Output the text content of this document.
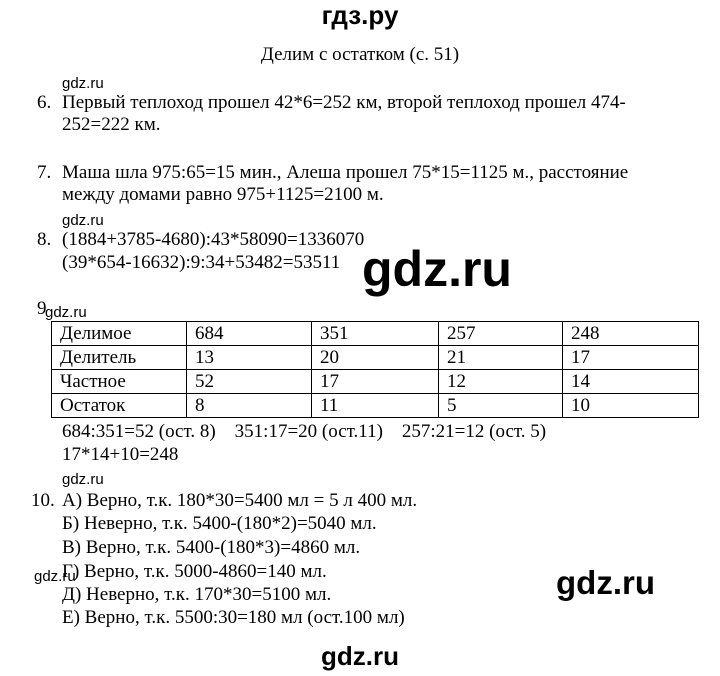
гдз.ру
Делим с остатком (с. 51)
gdz.ru
gdz.ru
gdz.ru
gdz.ru
gdz.ru
6. Первый теплоход прошел 42*6=252 км, второй теплоход прошел 474-
252=222 км.
7. Маша шла 975:65=15 мин., Алеша прошел 75*15=1125 м., расстояние
между домами равно 975+1125=2100 м.
8. (1884+3785-4680):43*58090=1336070
(39*654-16632):9:34+53482=53511 gdz.ru
gdz.ru
gdz.ru
9
Делимое	684	351	257	248
Делитель	13	20	21	17
Частное	52	17	12	14
Остаток	8	11	5	10
684:351=52 (ост. 8)    351:17=20 (ост.11)    257:21=12 (ост. 5)
17*14+10=248
10. А) Верно, т.к. 180*30=5400 мл = 5 л 400 мл.
Б) Неверно, т.к. 5400-(180*2)=5040 мл.
В) Верно, т.к. 5400-(180*3)=4860 мл.
Г) Верно, т.к. 5000-4860=140 мл.
Д) Неверно, т.к. 170*30=5100 мл.
Е) Верно, т.к. 5500:30=180 мл (ост.100 мл)
